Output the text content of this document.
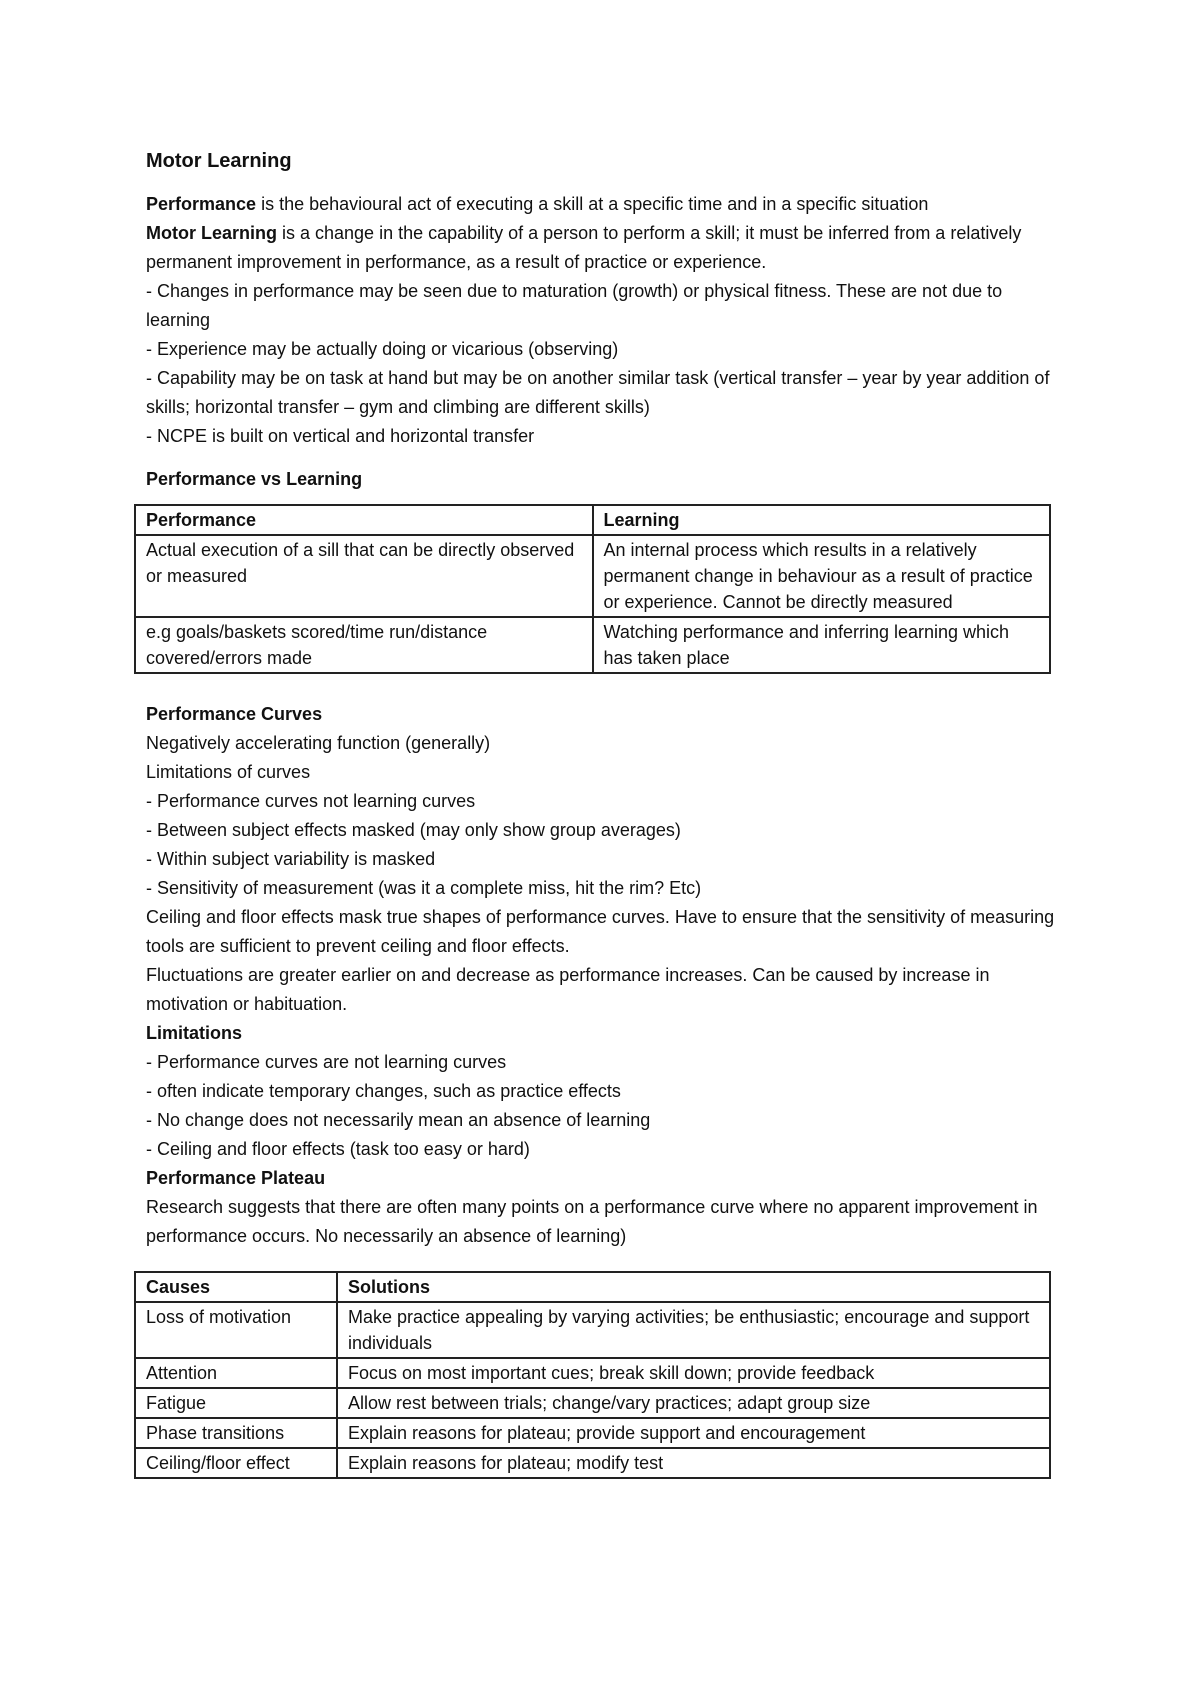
Motor Learning

Performance is the behavioural act of executing a skill at a specific time and in a specific situation

Motor Learning is a change in the capability of a person to perform a skill; it must be inferred from a relatively permanent improvement in performance, as a result of practice or experience.

- Changes in performance may be seen due to maturation (growth) or physical fitness. These are not due to learning

- Experience may be actually doing or vicarious (observing)

- Capability may be on task at hand but may be on another similar task (vertical transfer – year by year addition of skills; horizontal transfer – gym and climbing are different skills)

- NCPE is built on vertical and horizontal transfer

Performance vs Learning
Performance	Learning
Actual execution of a sill that can be directly observed or measured	An internal process which results in a relatively permanent change in behaviour as a result of practice or experience. Cannot be directly measured
e.g goals/baskets scored/time run/distance covered/errors made	Watching performance and inferring learning which has taken place
Performance Curves

Negatively accelerating function (generally)

Limitations of curves

- Performance curves not learning curves

- Between subject effects masked (may only show group averages)

- Within subject variability is masked

- Sensitivity of measurement (was it a complete miss, hit the rim? Etc)

Ceiling and floor effects mask true shapes of performance curves. Have to ensure that the sensitivity of measuring tools are sufficient to prevent ceiling and floor effects.

Fluctuations are greater earlier on and decrease as performance increases. Can be caused by increase in motivation or habituation.

Limitations

- Performance curves are not learning curves

- often indicate temporary changes, such as practice effects

- No change does not necessarily mean an absence of learning

- Ceiling and floor effects (task too easy or hard)

Performance Plateau

Research suggests that there are often many points on a performance curve where no apparent improvement in performance occurs. No necessarily an absence of learning)

Causes	Solutions
Loss of motivation	Make practice appealing by varying activities; be enthusiastic; encourage and support individuals
Attention	Focus on most important cues; break skill down; provide feedback
Fatigue	Allow rest between trials; change/vary practices; adapt group size
Phase transitions	Explain reasons for plateau; provide support and encouragement
Ceiling/floor effect	Explain reasons for plateau; modify test
